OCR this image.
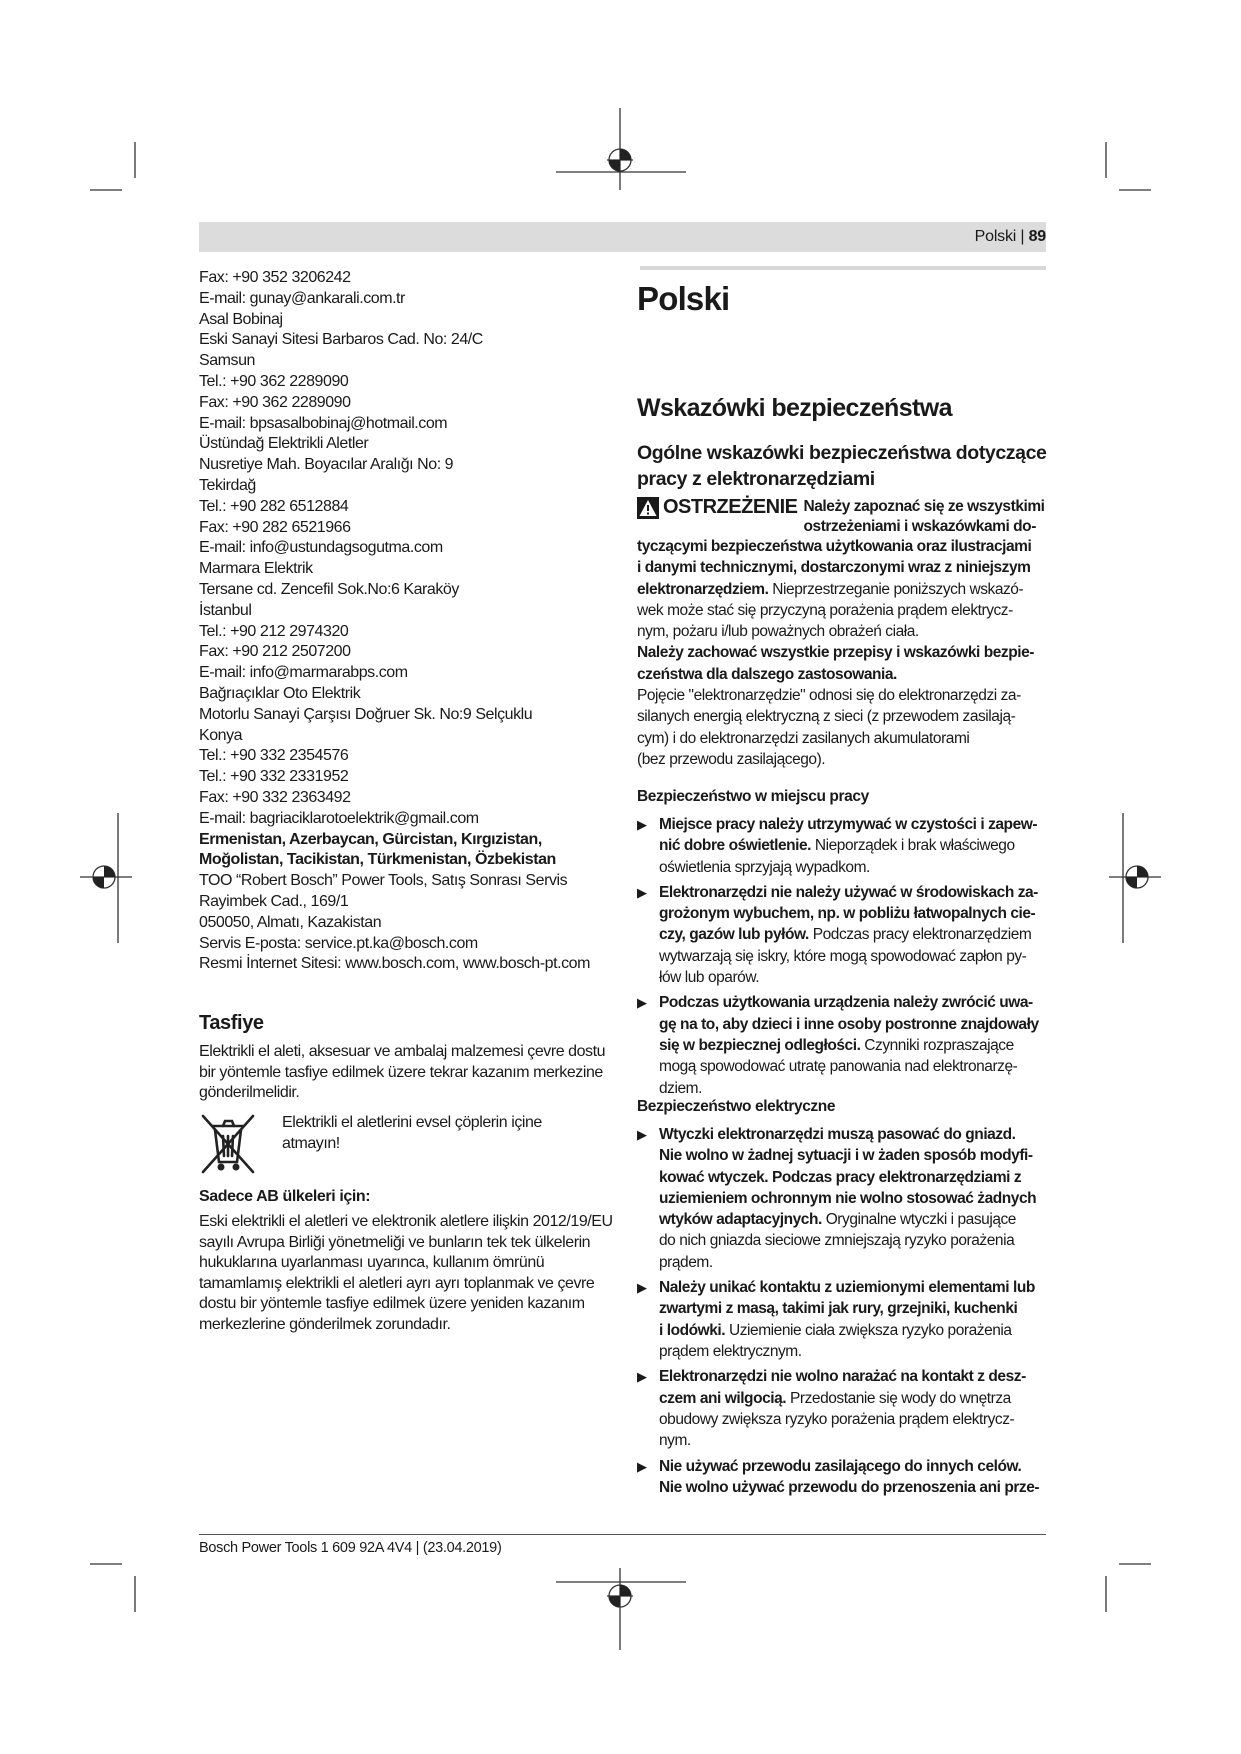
Polski | 89
Fax: +90 352 3206242
E-mail: gunay@ankarali.com.tr
Asal Bobinaj
Eski Sanayi Sitesi Barbaros Cad. No: 24/C
Samsun
Tel.: +90 362 2289090
Fax: +90 362 2289090
E-mail: bpsasalbobinaj@hotmail.com
Üstündağ Elektrikli Aletler
Nusretiye Mah. Boyacılar Aralığı No: 9
Tekirdağ
Tel.: +90 282 6512884
Fax: +90 282 6521966
E-mail: info@ustundagsogutma.com
Marmara Elektrik
Tersane cd. Zencefil Sok.No:6 Karaköy
İstanbul
Tel.: +90 212 2974320
Fax: +90 212 2507200
E-mail: info@marmarabps.com
Bağrıaçıklar Oto Elektrik
Motorlu Sanayi Çarşısı Doğruer Sk. No:9 Selçuklu
Konya
Tel.: +90 332 2354576
Tel.: +90 332 2331952
Fax: +90 332 2363492
E-mail: bagriaciklarotoelektrik@gmail.com
Ermenistan, Azerbaycan, Gürcistan, Kırgızistan,
Moğolistan, Tacikistan, Türkmenistan, Özbekistan
TOO “Robert Bosch” Power Tools, Satış Sonrası Servis
Rayimbek Cad., 169/1
050050, Almatı, Kazakistan
Servis E-posta: service.pt.ka@bosch.com
Resmi İnternet Sitesi: www.bosch.com, www.bosch-pt.com
Tasfiye
Elektrikli el aleti, aksesuar ve ambalaj malzemesi çevre dostu bir yöntemle tasfiye edilmek üzere tekrar kazanım merkezine gönderilmelidir.
Elektrikli el aletlerini evsel çöplerin içine atmayın!
Sadece AB ülkeleri için:
Eski elektrikli el aletleri ve elektronik aletlere ilişkin 2012/19/EU sayılı Avrupa Birliği yönetmeliği ve bunların tek tek ülkelerin hukuklarına uyarlanması uyarınca, kullanım ömrünü tamamlamış elektrikli el aletleri ayrı ayrı toplanmak ve çevre dostu bir yöntemle tasfiye edilmek üzere yeniden kazanım merkezlerine gönderilmek zorundadır.
Polski
Wskazówki bezpieczeństwa
Ogólne wskazówki bezpieczeństwa dotyczące pracy z elektronarzędziami
OSTRZEŻENIE Należy zapoznać się ze wszystkimi
ostrzeżeniami i wskazówkami do-
tyczącymi bezpieczeństwa użytkowania oraz ilustracjami
i danymi technicznymi, dostarczonymi wraz z niniejszym
elektronarzędziem. Nieprzestrzeganie poniższych wskazó-
wek może stać się przyczyną porażenia prądem elektrycz-
nym, pożaru i/lub poważnych obrażeń ciała.
Należy zachować wszystkie przepisy i wskazówki bezpie-
czeństwa dla dalszego zastosowania.
Pojęcie "elektronarzędzie" odnosi się do elektronarzędzi za-
silanych energią elektryczną z sieci (z przewodem zasilają-
cym) i do elektronarzędzi zasilanych akumulatorami
(bez przewodu zasilającego).
Bezpieczeństwo w miejscu pracy
▶ Miejsce pracy należy utrzymywać w czystości i zapew-
nić dobre oświetlenie. Nieporządek i brak właściwego
oświetlenia sprzyjają wypadkom.
▶ Elektronarzędzi nie należy używać w środowiskach za-
grożonym wybuchem, np. w pobliżu łatwopalnych cie-
czy, gazów lub pyłów. Podczas pracy elektronarzędziem
wytwarzają się iskry, które mogą spowodować zapłon py-
łów lub oparów.
▶ Podczas użytkowania urządzenia należy zwrócić uwa-
gę na to, aby dzieci i inne osoby postronne znajdowały
się w bezpiecznej odległości. Czynniki rozpraszające
mogą spowodować utratę panowania nad elektronarzę-
dziem.
Bezpieczeństwo elektryczne
▶ Wtyczki elektronarzędzi muszą pasować do gniazd.
Nie wolno w żadnej sytuacji i w żaden sposób modyfi-
kować wtyczek. Podczas pracy elektronarzędziami z
uziemieniem ochronnym nie wolno stosować żadnych
wtyków adaptacyjnych. Oryginalne wtyczki i pasujące
do nich gniazda sieciowe zmniejszają ryzyko porażenia
prądem.
▶ Należy unikać kontaktu z uziemionymi elementami lub
zwartymi z masą, takimi jak rury, grzejniki, kuchenki
i lodówki. Uziemienie ciała zwiększa ryzyko porażenia
prądem elektrycznym.
▶ Elektronarzędzi nie wolno narażać na kontakt z desz-
czem ani wilgocią. Przedostanie się wody do wnętrza
obudowy zwiększa ryzyko porażenia prądem elektrycz-
nym.
▶ Nie używać przewodu zasilającego do innych celów.
Nie wolno używać przewodu do przenoszenia ani prze-
Bosch Power Tools 1 609 92A 4V4 | (23.04.2019)
